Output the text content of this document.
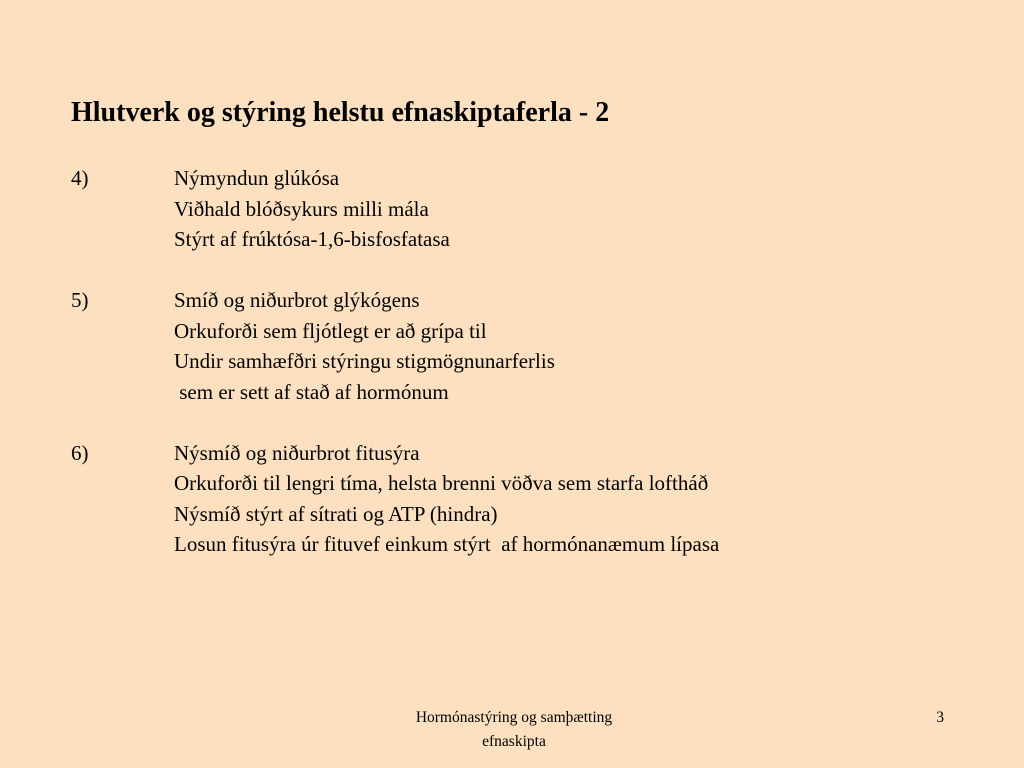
Hlutverk og stýring helstu efnaskiptaferla - 2

4)

	Nýmyndun glúkósa

Viðhald blóðsykurs milli mála

Stýrt af frúktósa-1,6-bisfosfatasa

5)

	Smíð og niðurbrot glýkógens

Orkuforði sem fljótlegt er að grípa til

Undir samhæfðri stýringu stigmögnunarferlis

sem er sett af stað af hormónum

6)

	Nýsmíð og niðurbrot fitusýra

Orkuforði til lengri tíma, helsta brenni vöðva sem starfa loftháð

Nýsmíð stýrt af sítrati og ATP (hindra)

Losun fitusýra úr fituvef einkum stýrt  af hormónanæmum lípasa

Hormónastýring og samþætting
efnaskipta
3
